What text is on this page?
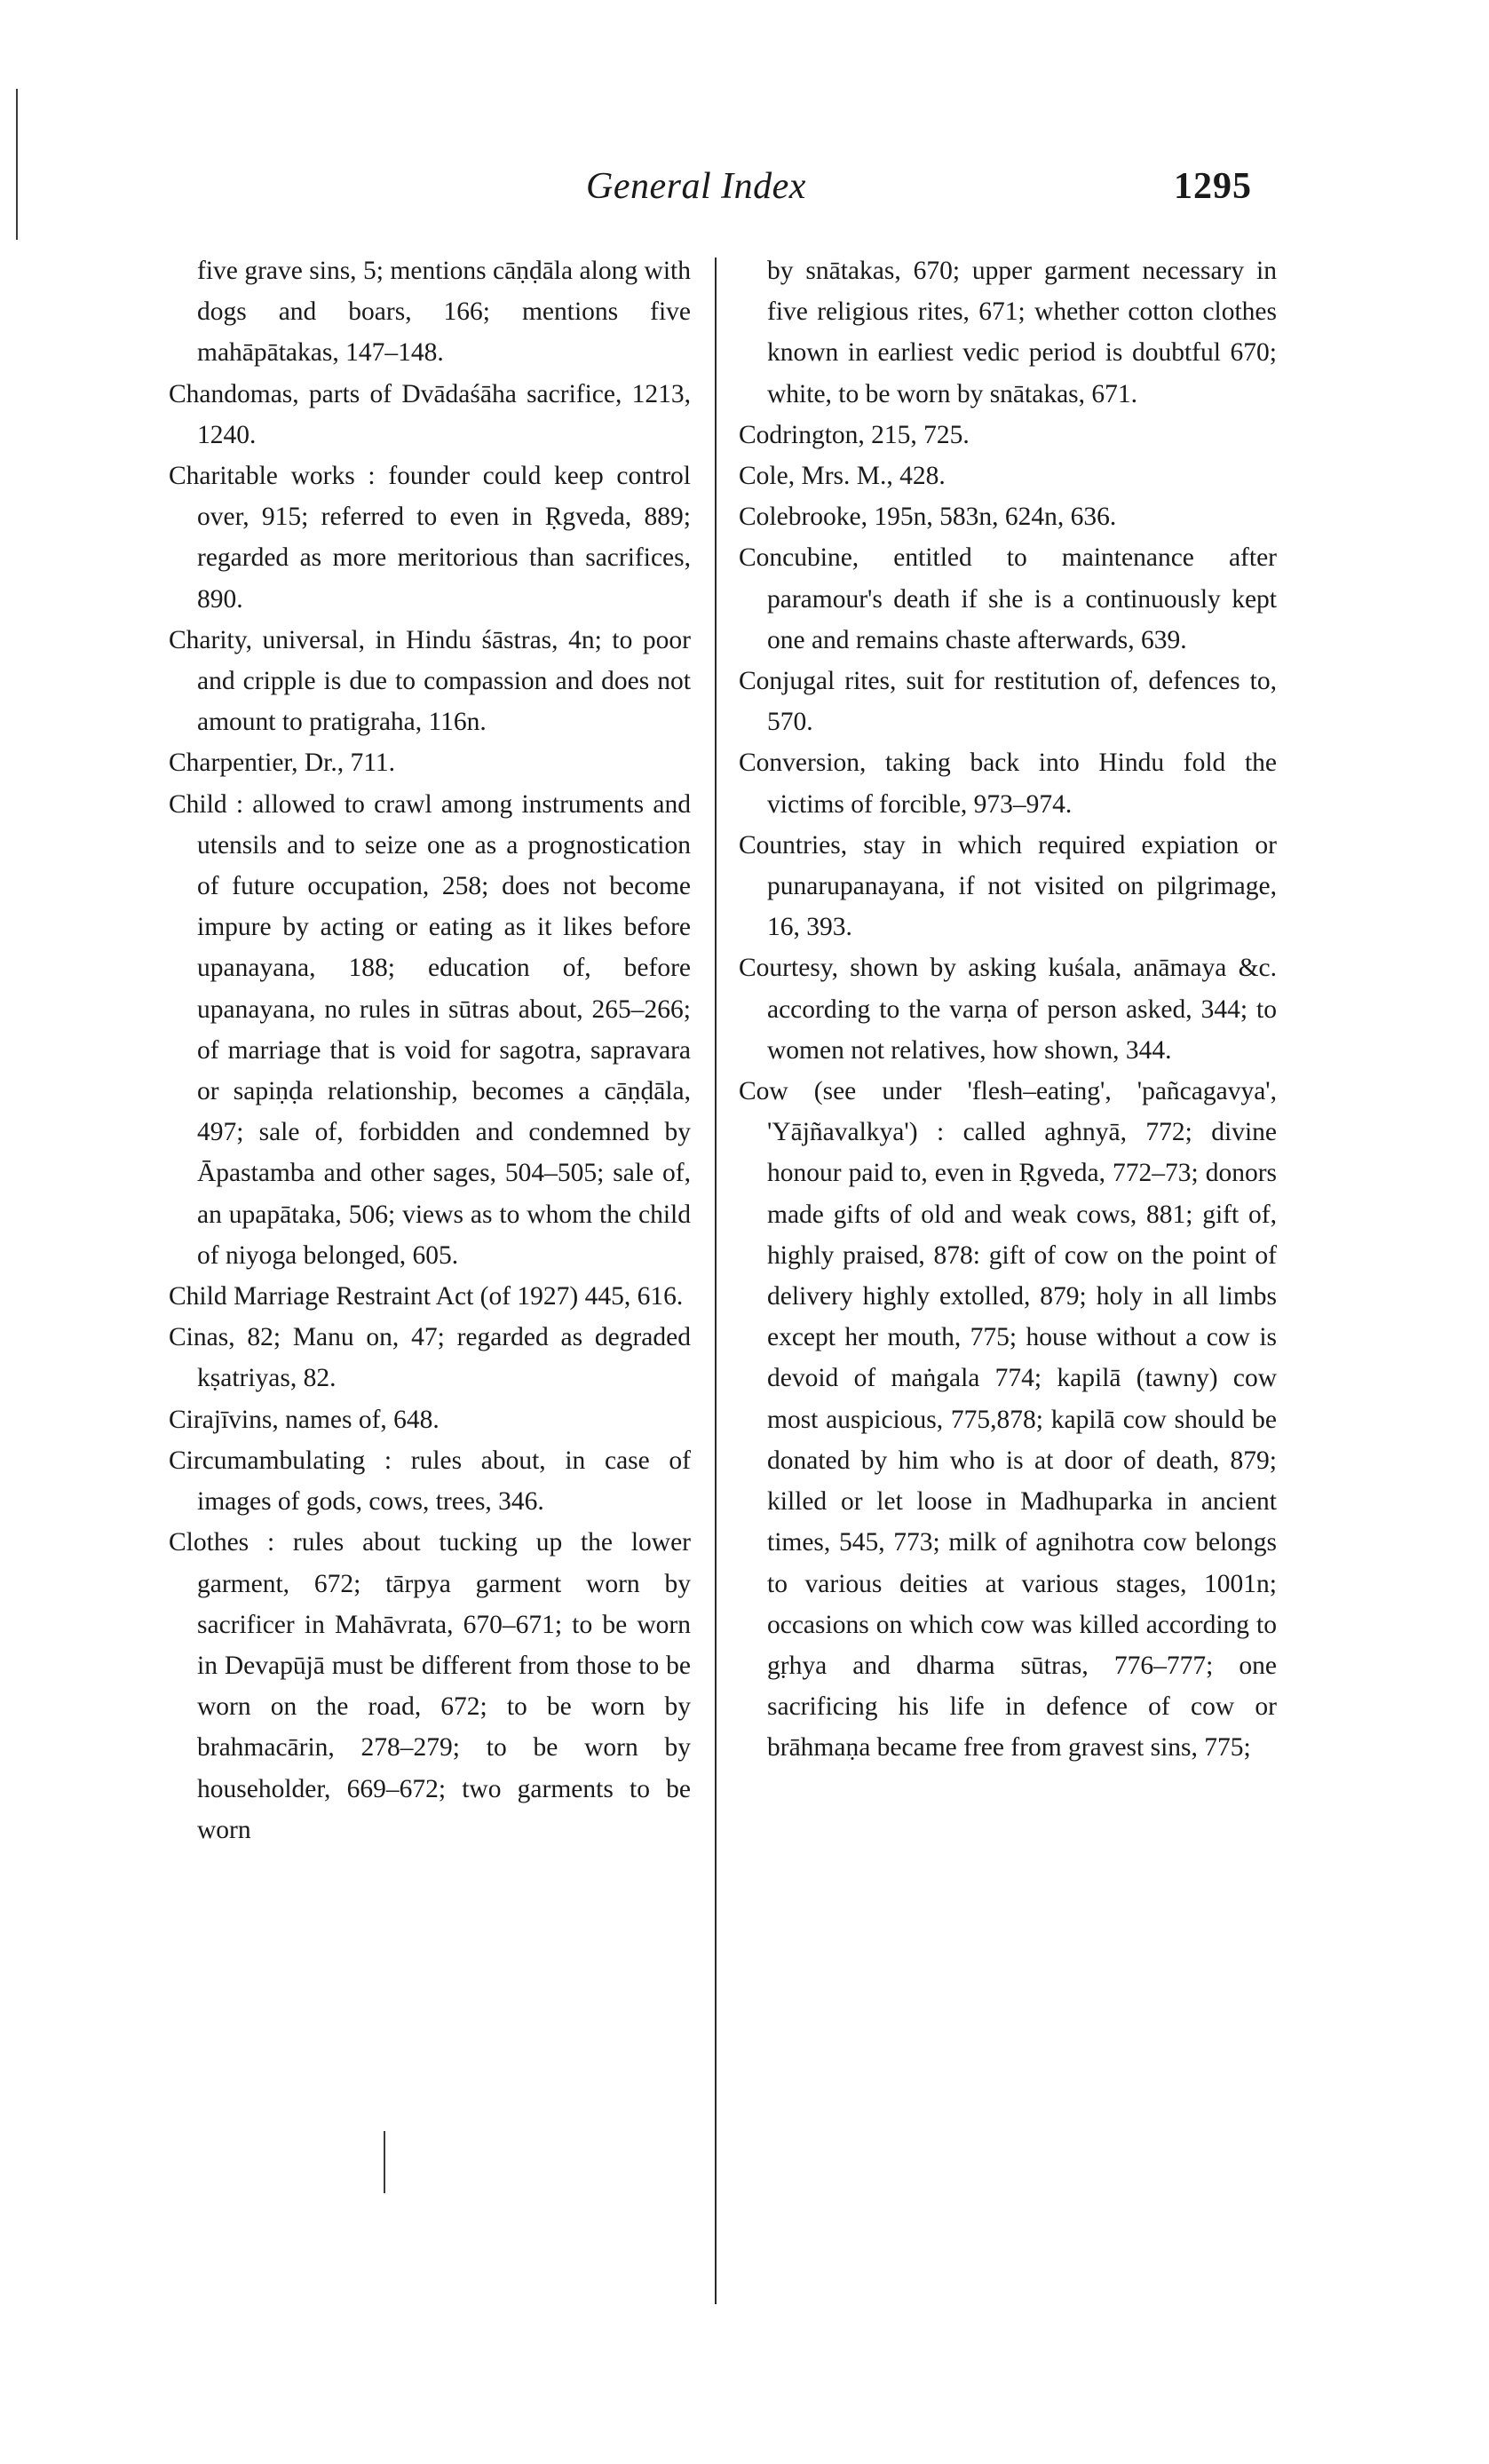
General Index	1295

five grave sins, 5; mentions cāṇḍāla along with dogs and boars, 166; mentions five mahāpātakas, 147–148.

Chandomas, parts of Dvādaśāha sacrifice, 1213, 1240.

Charitable works : founder could keep control over, 915; referred to even in Ṛgveda, 889; regarded as more meritorious than sacrifices, 890.

Charity, universal, in Hindu śāstras, 4n; to poor and cripple is due to compassion and does not amount to pratigraha, 116n.

Charpentier, Dr., 711.

Child : allowed to crawl among instruments and utensils and to seize one as a prognostication of future occupation, 258; does not become impure by acting or eating as it likes before upanayana, 188; education of, before upanayana, no rules in sūtras about, 265–266; of marriage that is void for sagotra, sapravara or sapiṇḍa relationship, becomes a cāṇḍāla, 497; sale of, forbidden and condemned by Āpastamba and other sages, 504–505; sale of, an upapātaka, 506; views as to whom the child of niyoga belonged, 605.

Child Marriage Restraint Act (of 1927) 445, 616.

Cinas, 82; Manu on, 47; regarded as degraded kṣatriyas, 82.

Cirajīvins, names of, 648.

Circumambulating : rules about, in case of images of gods, cows, trees, 346.

Clothes : rules about tucking up the lower garment, 672; tārpya garment worn by sacrificer in Mahāvrata, 670–671; to be worn in Devapūjā must be different from those to be worn on the road, 672; to be worn by brahmacārin, 278–279; to be worn by householder, 669–672; two garments to be worn

by snātakas, 670; upper garment necessary in five religious rites, 671; whether cotton clothes known in earliest vedic period is doubtful 670; white, to be worn by snātakas, 671.

Codrington, 215, 725.

Cole, Mrs. M., 428.

Colebrooke, 195n, 583n, 624n, 636.

Concubine, entitled to maintenance after paramour's death if she is a continuously kept one and remains chaste afterwards, 639.

Conjugal rites, suit for restitution of, defences to, 570.

Conversion, taking back into Hindu fold the victims of forcible, 973–974.

Countries, stay in which required expiation or punarupanayana, if not visited on pilgrimage, 16, 393.

Courtesy, shown by asking kuśala, anāmaya &c. according to the varṇa of person asked, 344; to women not relatives, how shown, 344.

Cow (see under 'flesh–eating', 'pañcagavya', 'Yājñavalkya') : called aghnyā, 772; divine honour paid to, even in Ṛgveda, 772–73; donors made gifts of old and weak cows, 881; gift of, highly praised, 878: gift of cow on the point of delivery highly extolled, 879; holy in all limbs except her mouth, 775; house without a cow is devoid of maṅgala 774; kapilā (tawny) cow most auspicious, 775,878; kapilā cow should be donated by him who is at door of death, 879; killed or let loose in Madhuparka in ancient times, 545, 773; milk of agnihotra cow belongs to various deities at various stages, 1001n; occasions on which cow was killed according to gṛhya and dharma sūtras, 776–777; one sacrificing his life in defence of cow or brāhmaṇa became free from gravest sins, 775;
